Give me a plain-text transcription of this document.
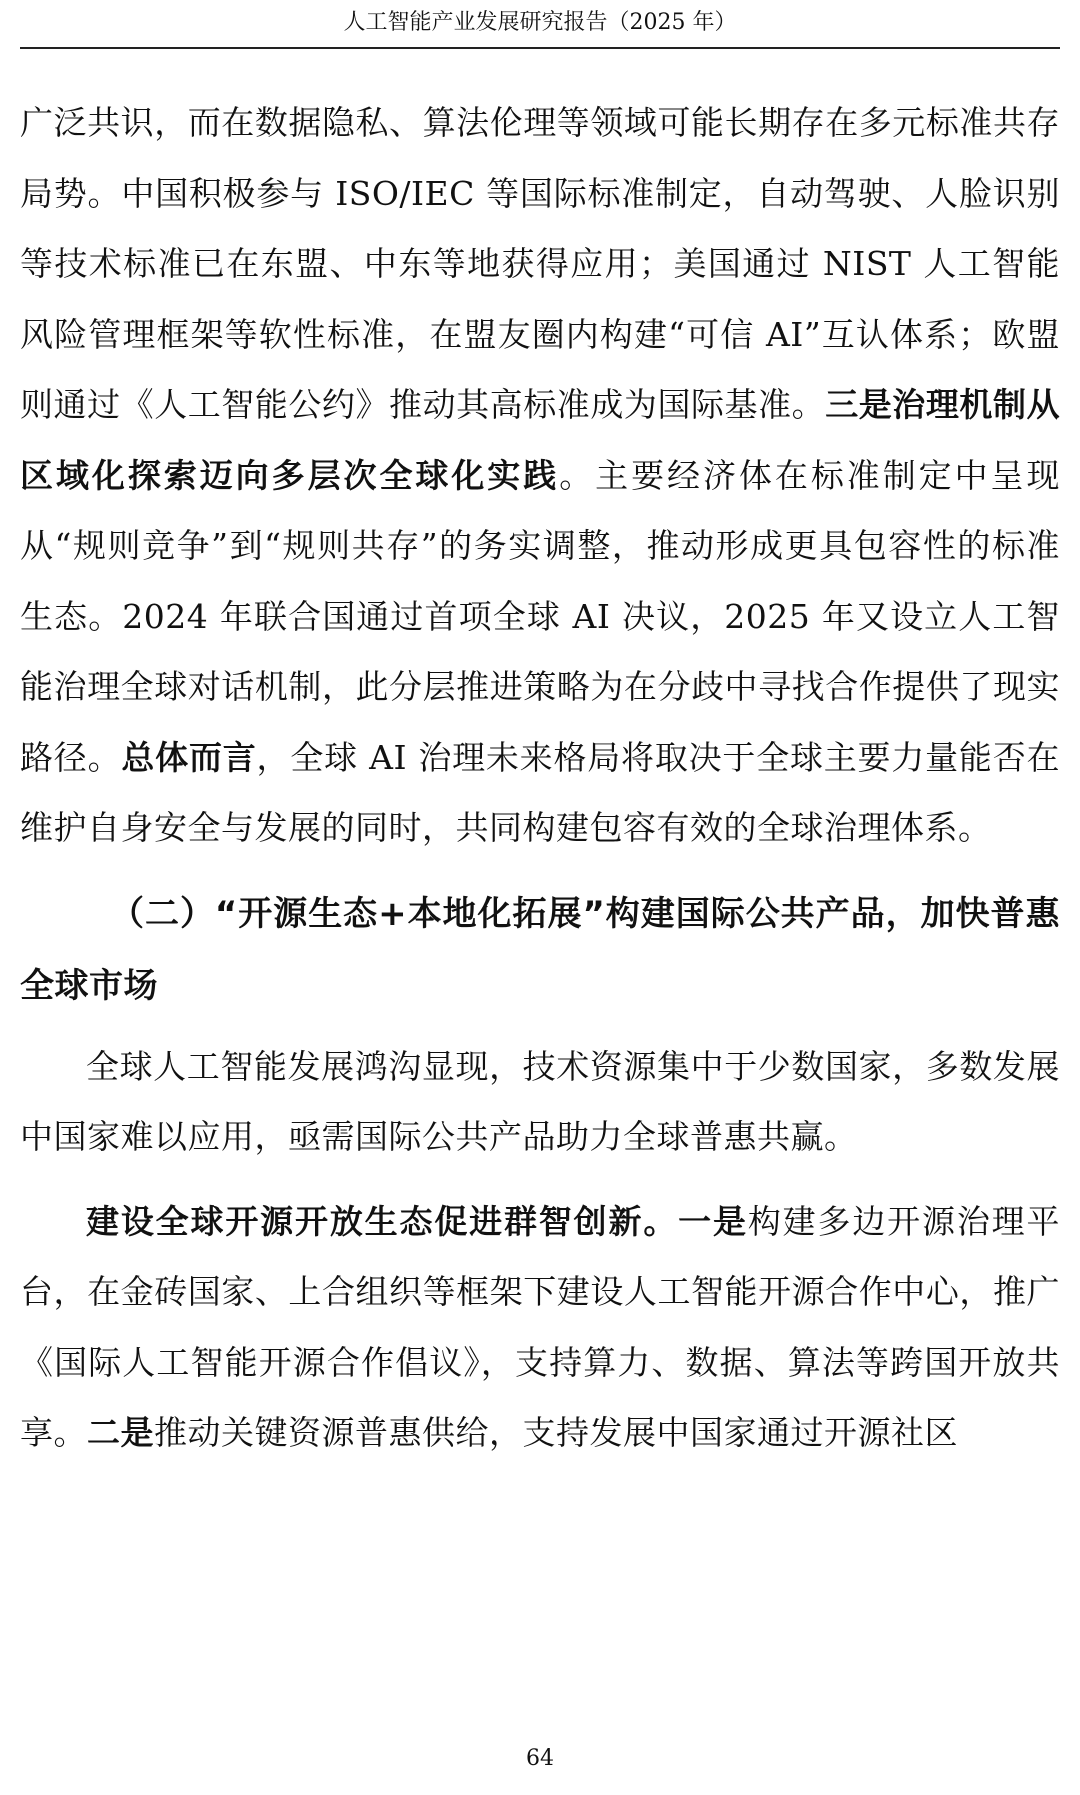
人工智能产业发展研究报告（2025 年）

广泛共识，而在数据隐私、算法伦理等领域可能长期存在多元标准共存局势。中国积极参与 ISO/IEC 等国际标准制定，自动驾驶、人脸识别等技术标准已在东盟、中东等地获得应用；美国通过 NIST 人工智能风险管理框架等软性标准，在盟友圈内构建“可信 AI”互认体系；欧盟则通过《人工智能公约》推动其高标准成为国际基准。三是治理机制从区域化探索迈向多层次全球化实践。主要经济体在标准制定中呈现从“规则竞争”到“规则共存”的务实调整，推动形成更具包容性的标准生态。2024 年联合国通过首项全球 AI 决议，2025 年又设立人工智能治理全球对话机制，此分层推进策略为在分歧中寻找合作提供了现实路径。总体而言，全球 AI 治理未来格局将取决于全球主要力量能否在维护自身安全与发展的同时，共同构建包容有效的全球治理体系。

（二）“开源生态+本地化拓展”构建国际公共产品，加快普惠全球市场

全球人工智能发展鸿沟显现，技术资源集中于少数国家，多数发展中国家难以应用，亟需国际公共产品助力全球普惠共赢。

建设全球开源开放生态促进群智创新。一是构建多边开源治理平台，在金砖国家、上合组织等框架下建设人工智能开源合作中心，推广《国际人工智能开源合作倡议》，支持算力、数据、算法等跨国开放共享。二是推动关键资源普惠供给，支持发展中国家通过开源社区

64
